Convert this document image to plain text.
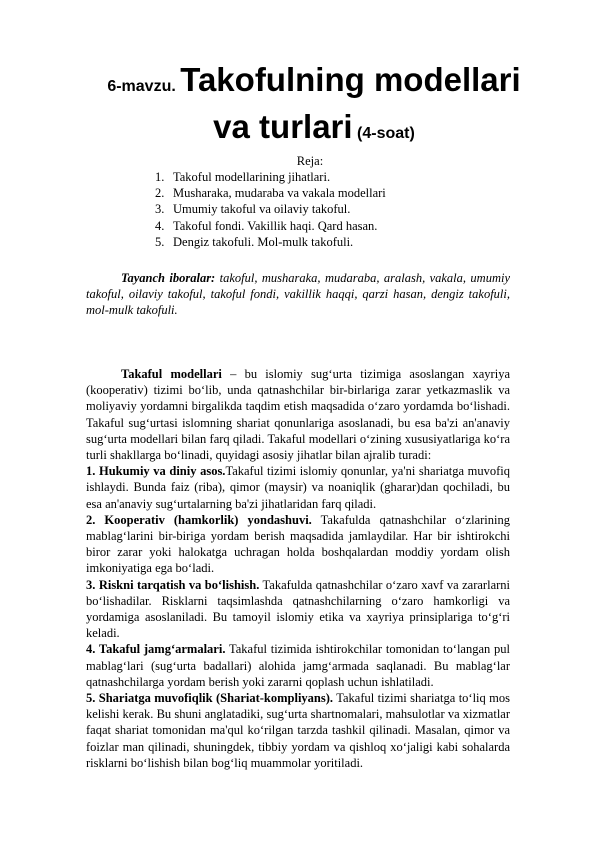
6-mavzu. Takofulning modellari
va turlari (4-soat)
Reja:
1. Takoful modellarining jihatlari.
2. Musharaka, mudaraba va vakala modellari
3. Umumiy takoful va oilaviy takoful.
4. Takoful fondi. Vakillik haqi. Qard hasan.
5. Dengiz takofuli. Mol-mulk takofuli.

Tayanch iboralar: takoful, musharaka, mudaraba, aralash, vakala, umumiy takoful, oilaviy takoful, takoful fondi, vakillik haqqi, qarzi hasan, dengiz takofuli, mol-mulk takofuli.

Takaful modellari – bu islomiy sug‘urta tizimiga asoslangan xayriya (kooperativ) tizimi bo‘lib, unda qatnashchilar bir-birlariga zarar yetkazmaslik va moliyaviy yordamni birgalikda taqdim etish maqsadida o‘zaro yordamda bo‘lishadi. Takaful sug‘urtasi islomning shariat qonunlariga asoslanadi, bu esa ba'zi an'anaviy sug‘urta modellari bilan farq qiladi. Takaful modellari o‘zining xususiyatlariga ko‘ra turli shakllarga bo‘linadi, quyidagi asosiy jihatlar bilan ajralib turadi:

1. Hukumiy va diniy asos.Takaful tizimi islomiy qonunlar, ya'ni shariatga muvofiq ishlaydi. Bunda faiz (riba), qimor (maysir) va noaniqlik (gharar)dan qochiladi, bu esa an'anaviy sug‘urtalarning ba'zi jihatlaridan farq qiladi.

2. Kooperativ (hamkorlik) yondashuvi. Takafulda qatnashchilar o‘zlarining mablag‘larini bir-biriga yordam berish maqsadida jamlaydilar. Har bir ishtirokchi biror zarar yoki halokatga uchragan holda boshqalardan moddiy yordam olish imkoniyatiga ega bo‘ladi.

3. Riskni tarqatish va bo‘lishish. Takafulda qatnashchilar o‘zaro xavf va zararlarni bo‘lishadilar. Risklarni taqsimlashda qatnashchilarning o‘zaro hamkorligi va yordamiga asoslaniladi. Bu tamoyil islomiy etika va xayriya prinsiplariga to‘g‘ri keladi.

4. Takaful jamg‘armalari. Takaful tizimida ishtirokchilar tomonidan to‘langan pul mablag‘lari (sug‘urta badallari) alohida jamg‘armada saqlanadi. Bu mablag‘lar qatnashchilarga yordam berish yoki zararni qoplash uchun ishlatiladi.

5. Shariatga muvofiqlik (Shariat-kompliyans). Takaful tizimi shariatga to‘liq mos kelishi kerak. Bu shuni anglatadiki, sug‘urta shartnomalari, mahsulotlar va xizmatlar faqat shariat tomonidan ma'qul ko‘rilgan tarzda tashkil qilinadi. Masalan, qimor va foizlar man qilinadi, shuningdek, tibbiy yordam va qishloq xo‘jaligi kabi sohalarda risklarni bo‘lishish bilan bog‘liq muammolar yoritiladi.
